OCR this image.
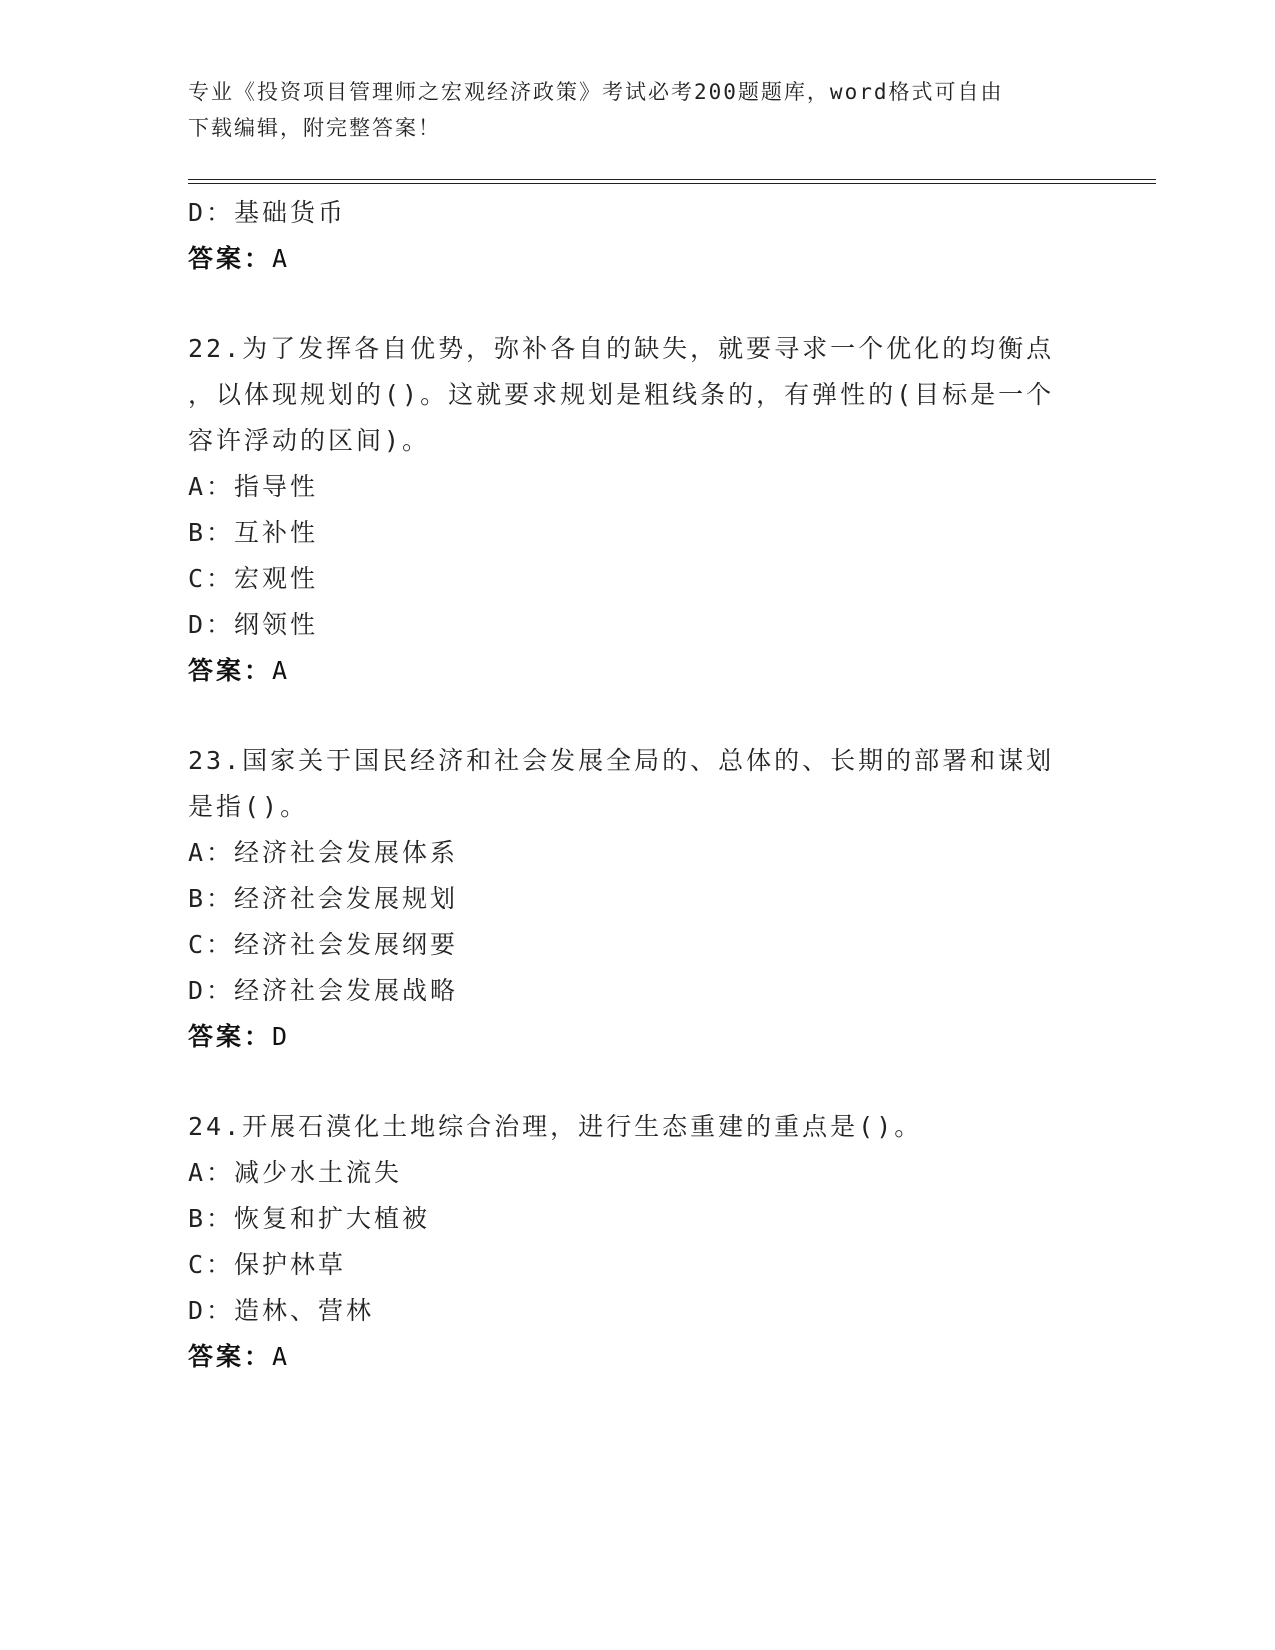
专业《投资项目管理师之宏观经济政策》考试必考200题题库，word格式可自由
下载编辑，附完整答案！
D：基础货币
答案：A
22.为了发挥各自优势，弥补各自的缺失，就要寻求一个优化的均衡点
，以体现规划的()。这就要求规划是粗线条的，有弹性的(目标是一个
容许浮动的区间)。
A：指导性
B：互补性
C：宏观性
D：纲领性
答案：A
23.国家关于国民经济和社会发展全局的、总体的、长期的部署和谋划
是指()。
A：经济社会发展体系
B：经济社会发展规划
C：经济社会发展纲要
D：经济社会发展战略
答案：D
24.开展石漠化土地综合治理，进行生态重建的重点是()。
A：减少水土流失
B：恢复和扩大植被
C：保护林草
D：造林、营林
答案：A
